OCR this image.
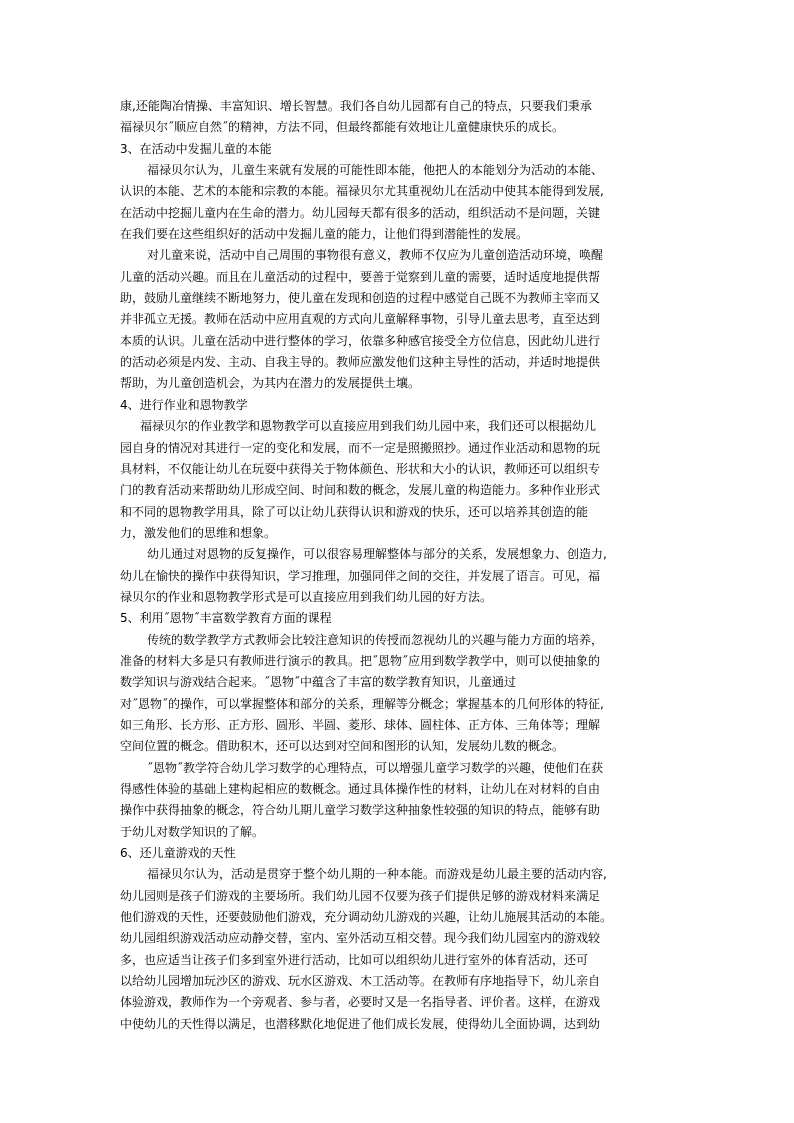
康,还能陶冶情操、丰富知识、增长智慧。我们各自幼儿园都有自己的特点，只要我们秉承
福禄贝尔˝顺应自然˝的精神，方法不同，但最终都能有效地让儿童健康快乐的成长。
3、在活动中发掘儿童的本能
福禄贝尔认为，儿童生来就有发展的可能性即本能，他把人的本能划分为活动的本能、
认识的本能、艺术的本能和宗教的本能。福禄贝尔尤其重视幼儿在活动中使其本能得到发展,
在活动中挖掘儿童内在生命的潜力。幼儿园每天都有很多的活动，组织活动不是问题，关键
在我们要在这些组织好的活动中发掘儿童的能力，让他们得到潜能性的发展。
对儿童来说，活动中自己周围的事物很有意义，教师不仅应为儿童创造活动环境，唤醒
儿童的活动兴趣。而且在儿童活动的过程中，要善于觉察到儿童的需要，适时适度地提供帮
助，鼓励儿童继续不断地努力，使儿童在发现和创造的过程中感觉自己既不为教师主宰而又
并非孤立无援。教师在活动中应用直观的方式向儿童解释事物，引导儿童去思考，直至达到
本质的认识。儿童在活动中进行整体的学习，依靠多种感官接受全方位信息，因此幼儿进行
的活动必须是内发、主动、自我主导的。教师应激发他们这种主导性的活动，并适时地提供
帮助，为儿童创造机会，为其内在潜力的发展提供土壤。
4、进行作业和恩物教学
福禄贝尔的作业教学和恩物教学可以直接应用到我们幼儿园中来，我们还可以根据幼儿
园自身的情况对其进行一定的变化和发展，而不一定是照搬照抄。通过作业活动和恩物的玩
具材料，不仅能让幼儿在玩耍中获得关于物体颜色、形状和大小的认识，教师还可以组织专
门的教育活动来帮助幼儿形成空间、时间和数的概念，发展儿童的构造能力。多种作业形式
和不同的恩物教学用具，除了可以让幼儿获得认识和游戏的快乐，还可以培养其创造的能
力，激发他们的思维和想象。
幼儿通过对恩物的反复操作，可以很容易理解整体与部分的关系，发展想象力、创造力,
幼儿在愉快的操作中获得知识，学习推理，加强同伴之间的交往，并发展了语言。可见，福
禄贝尔的作业和恩物教学形式是可以直接应用到我们幼儿园的好方法。
5、利用˝恩物˝丰富数学教育方面的课程
传统的数学教学方式教师会比较注意知识的传授而忽视幼儿的兴趣与能力方面的培养，
准备的材料大多是只有教师进行演示的教具。把˝恩物˝应用到数学教学中，则可以使抽象的
数学知识与游戏结合起来。˝恩物˝中蕴含了丰富的数学教育知识，儿童通过
对˝恩物˝的操作，可以掌握整体和部分的关系，理解等分概念；掌握基本的几何形体的特征,
如三角形、长方形、正方形、圆形、半圆、菱形、球体、圆柱体、正方体、三角体等；理解
空间位置的概念。借助积木，还可以达到对空间和图形的认知，发展幼儿数的概念。
˝恩物˝教学符合幼儿学习数学的心理特点，可以增强儿童学习数学的兴趣，使他们在获
得感性体验的基础上建构起相应的数概念。通过具体操作性的材料，让幼儿在对材料的自由
操作中获得抽象的概念，符合幼儿期儿童学习数学这种抽象性较强的知识的特点，能够有助
于幼儿对数学知识的了解。
6、还儿童游戏的天性
福禄贝尔认为，活动是贯穿于整个幼儿期的一种本能。而游戏是幼儿最主要的活动内容,
幼儿园则是孩子们游戏的主要场所。我们幼儿园不仅要为孩子们提供足够的游戏材料来满足
他们游戏的天性，还要鼓励他们游戏，充分调动幼儿游戏的兴趣，让幼儿施展其活动的本能。
幼儿园组织游戏活动应动静交替，室内、室外活动互相交替。现今我们幼儿园室内的游戏较
多，也应适当让孩子们多到室外进行活动，比如可以组织幼儿进行室外的体育活动，还可
以给幼儿园增加玩沙区的游戏、玩水区游戏、木工活动等。在教师有序地指导下，幼儿亲自
体验游戏，教师作为一个旁观者、参与者，必要时又是一名指导者、评价者。这样，在游戏
中使幼儿的天性得以满足，也潜移默化地促进了他们成长发展，使得幼儿全面协调，达到幼
